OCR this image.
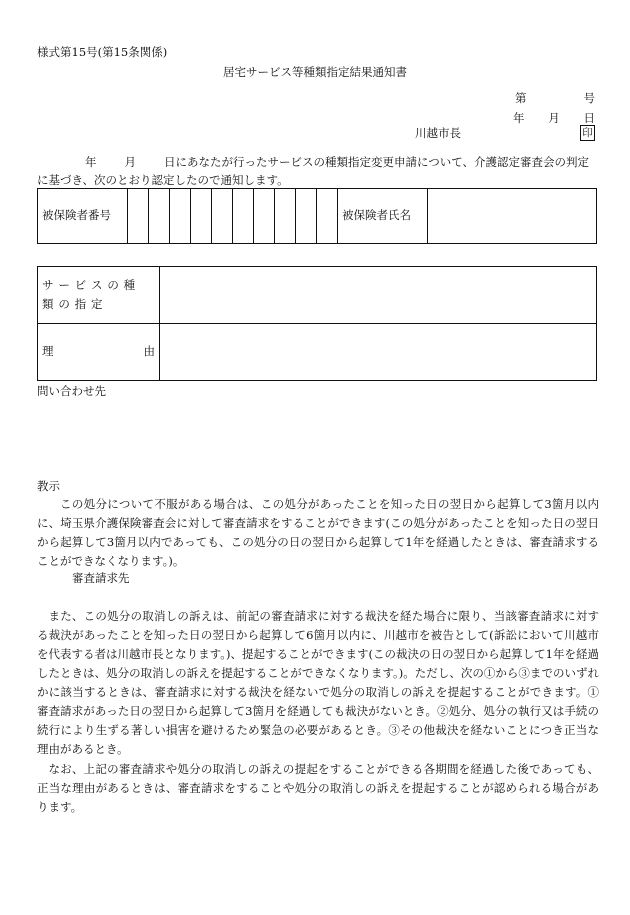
様式第15号(第15条関係)
居宅サービス等種類指定結果通知書
第	号
年 月 日
川越市長	印
年 月 日にあなたが行ったサービスの種類指定変更申請について、介護認定審査会の判定に基づき、次のとおり認定したので通知します。
被保険者番号											被保険者氏名	
サービスの種類の指定	

理 由	

問い合わせ先
教示
この処分について不服がある場合は、この処分があったことを知った日の翌日から起算して3箇月以内に、埼玉県介護保険審査会に対して審査請求をすることができます(この処分があったことを知った日の翌日から起算して3箇月以内であっても、この処分の日の翌日から起算して1年を経過したときは、審査請求することができなくなります。)。
審査請求先
また、この処分の取消しの訴えは、前記の審査請求に対する裁決を経た場合に限り、当該審査請求に対する裁決があったことを知った日の翌日から起算して6箇月以内に、川越市を被告として(訴訟において川越市を代表する者は川越市長となります。)、提起することができます(この裁決の日の翌日から起算して1年を経過したときは、処分の取消しの訴えを提起することができなくなります。)。ただし、次の①から③までのいずれかに該当するときは、審査請求に対する裁決を経ないで処分の取消しの訴えを提起することができます。①審査請求があった日の翌日から起算して3箇月を経過しても裁決がないとき。②処分、処分の執行又は手続の続行により生ずる著しい損害を避けるため緊急の必要があるとき。③その他裁決を経ないことにつき正当な理由があるとき。
なお、上記の審査請求や処分の取消しの訴えの提起をすることができる各期間を経過した後であっても、正当な理由があるときは、審査請求をすることや処分の取消しの訴えを提起することが認められる場合があります。
